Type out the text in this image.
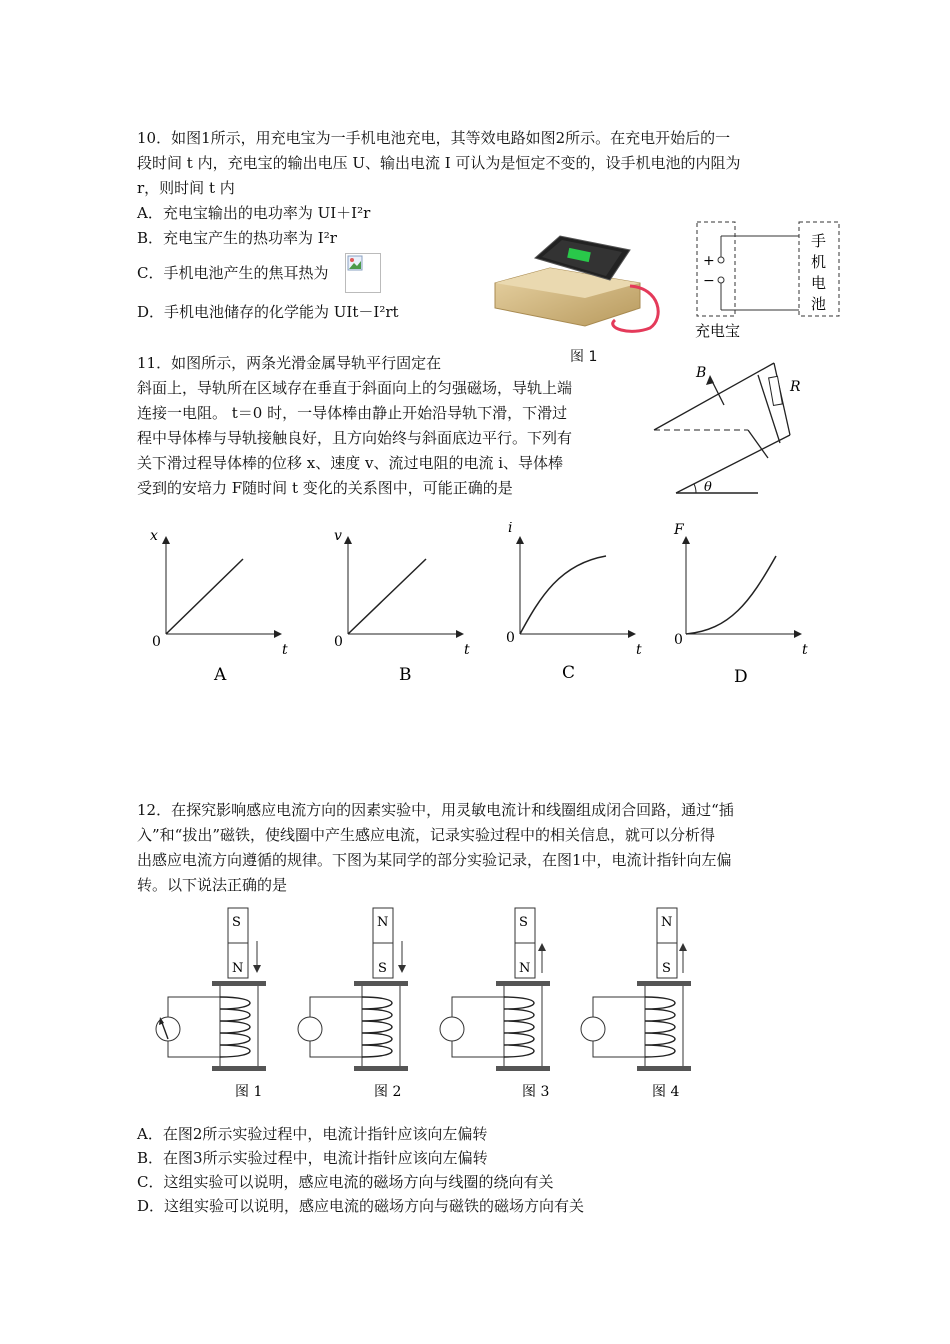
10．如图1所示，用充电宝为一手机电池充电，其等效电路如图2所示。在充电开始后的一
段时间 t 内，充电宝的输出电压 U、输出电流 I 可认为是恒定不变的，设手机电池的内阻为
r，则时间 t 内
A．充电宝输出的电功率为 UI＋I²r
B．充电宝产生的热功率为 I²r
C．手机电池产生的焦耳热为
D．手机电池储存的化学能为 UIt－I²rt
+
−
手
机
电
池
充电宝
图 1
11．如图所示，两条光滑金属导轨平行固定在
斜面上，导轨所在区域存在垂直于斜面向上的匀强磁场，导轨上端
连接一电阻。 t＝0 时，一导体棒由静止开始沿导轨下滑，下滑过
程中导体棒与导轨接触良好，且方向始终与斜面底边平行。下列有
关下滑过程导体棒的位移 x、速度 v、流过电阻的电流 i、导体棒
受到的安培力 F随时间 t 变化的关系图中，可能正确的是
B
R
θ
x
t
0
A
v
t
0
B
i
t
0
C
F
t
0
D
12．在探究影响感应电流方向的因素实验中，用灵敏电流计和线圈组成闭合回路，通过“插
入”和“拔出”磁铁，使线圈中产生感应电流，记录实验过程中的相关信息，就可以分析得
出感应电流方向遵循的规律。下图为某同学的部分实验记录，在图1中，电流计指针向左偏
转。以下说法正确的是
S
N
N
S
S
N
N
S
图 1	图 2	图 3	图 4
A．在图2所示实验过程中，电流计指针应该向左偏转
B．在图3所示实验过程中，电流计指针应该向左偏转
C．这组实验可以说明，感应电流的磁场方向与线圈的绕向有关
D．这组实验可以说明，感应电流的磁场方向与磁铁的磁场方向有关
